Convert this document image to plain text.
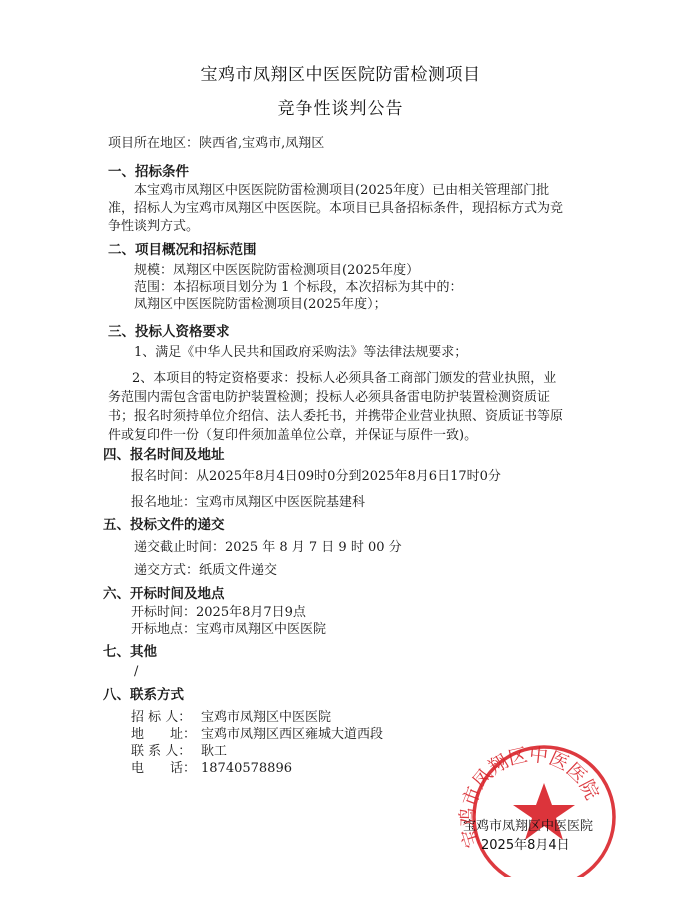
宝鸡市凤翔区中医医院防雷检测项目
竞争性谈判公告
项目所在地区：陕西省,宝鸡市,凤翔区
一、招标条件
本宝鸡市凤翔区中医医院防雷检测项目(2025年度）已由相关管理部门批准，招标人为宝鸡市凤翔区中医医院。本项目已具备招标条件，现招标方式为竞争性谈判方式。
二、项目概况和招标范围
规模：凤翔区中医医院防雷检测项目(2025年度）
范围：本招标项目划分为 1 个标段，本次招标为其中的：
凤翔区中医医院防雷检测项目(2025年度）；
三、投标人资格要求
1、满足《中华人民共和国政府采购法》等法律法规要求；
2、本项目的特定资格要求：投标人必须具备工商部门颁发的营业执照，业务范围内需包含雷电防护装置检测；投标人必须具备雷电防护装置检测资质证书；报名时须持单位介绍信、法人委托书，并携带企业营业执照、资质证书等原件或复印件一份（复印件须加盖单位公章，并保证与原件一致)。
四、报名时间及地址
报名时间：从2025年8月4日09时0分到2025年8月6日17时0分
报名地址：宝鸡市凤翔区中医医院基建科
五、投标文件的递交
递交截止时间：2025 年 8 月 7 日 9 时 00 分
递交方式：纸质文件递交
六、开标时间及地点
开标时间：2025年8月7日9点
开标地点：宝鸡市凤翔区中医医院
七、其他
/
八、联系方式
招 标 人： 宝鸡市凤翔区中医医院
地　　址： 宝鸡市凤翔区西区雍城大道西段
联 系 人： 耿工
电　　话： 18740578896
宝鸡市凤翔区中医医院
宝鸡市凤翔区中医医院
2025年8月4日
